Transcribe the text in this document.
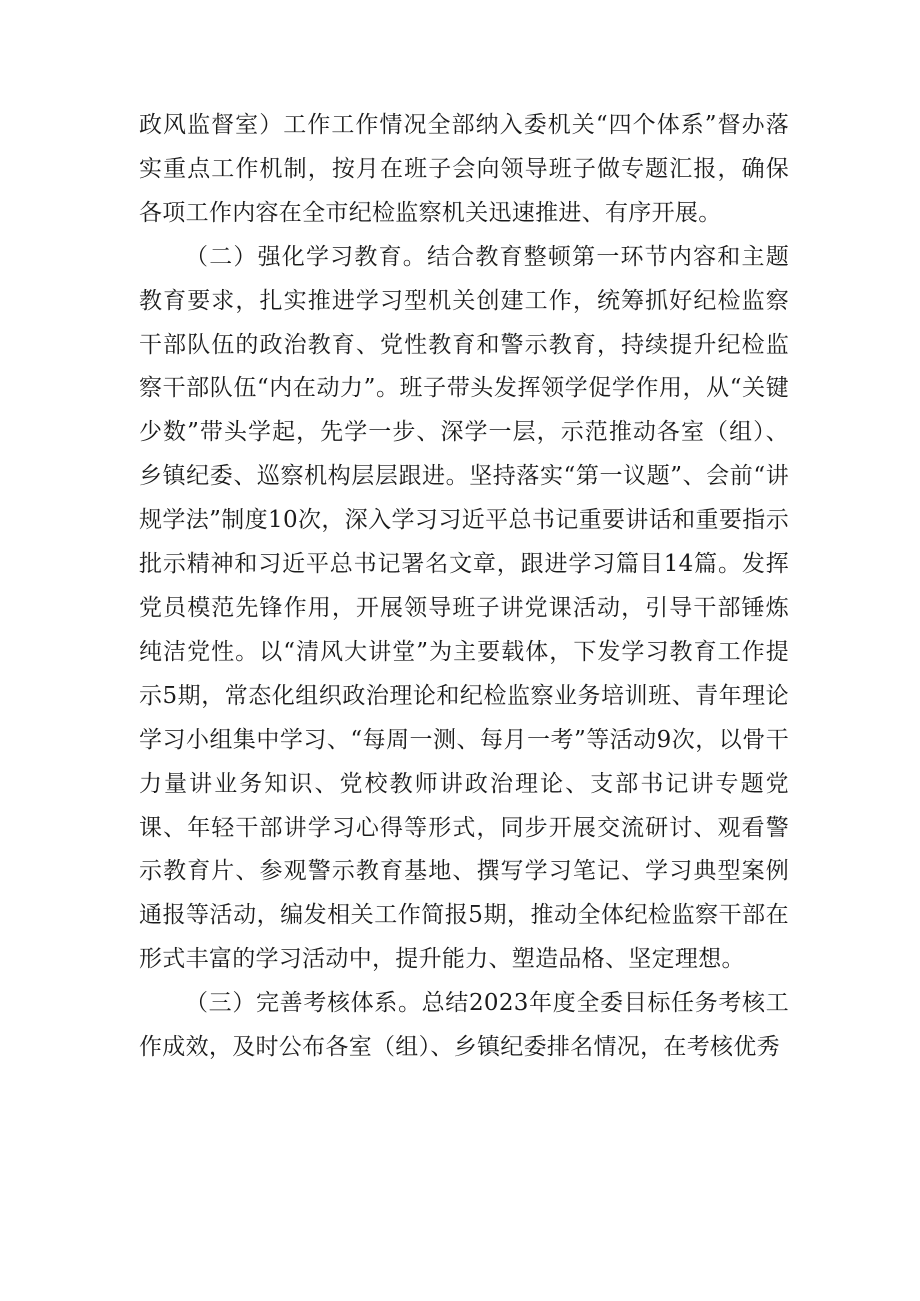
政风监督室）工作工作情况全部纳入委机关“四个体系”督办落实重点工作机制，按月在班子会向领导班子做专题汇报，确保各项工作内容在全市纪检监察机关迅速推进、有序开展。

（二）强化学习教育。结合教育整顿第一环节内容和主题教育要求，扎实推进学习型机关创建工作，统筹抓好纪检监察干部队伍的政治教育、党性教育和警示教育，持续提升纪检监察干部队伍“内在动力”。班子带头发挥领学促学作用，从“关键少数”带头学起，先学一步、深学一层，示范推动各室（组）、乡镇纪委、巡察机构层层跟进。坚持落实“第一议题”、会前“讲规学法”制度10次，深入学习习近平总书记重要讲话和重要指示批示精神和习近平总书记署名文章，跟进学习篇目14篇。发挥党员模范先锋作用，开展领导班子讲党课活动，引导干部锤炼纯洁党性。以“清风大讲堂”为主要载体，下发学习教育工作提示5期，常态化组织政治理论和纪检监察业务培训班、青年理论学习小组集中学习、“每周一测、每月一考”等活动9次，以骨干力量讲业务知识、党校教师讲政治理论、支部书记讲专题党课、年轻干部讲学习心得等形式，同步开展交流研讨、观看警示教育片、参观警示教育基地、撰写学习笔记、学习典型案例通报等活动，编发相关工作简报5期，推动全体纪检监察干部在形式丰富的学习活动中，提升能力、塑造品格、坚定理想。

（三）完善考核体系。总结2023年度全委目标任务考核工作成效，及时公布各室（组）、乡镇纪委排名情况，在考核优秀
